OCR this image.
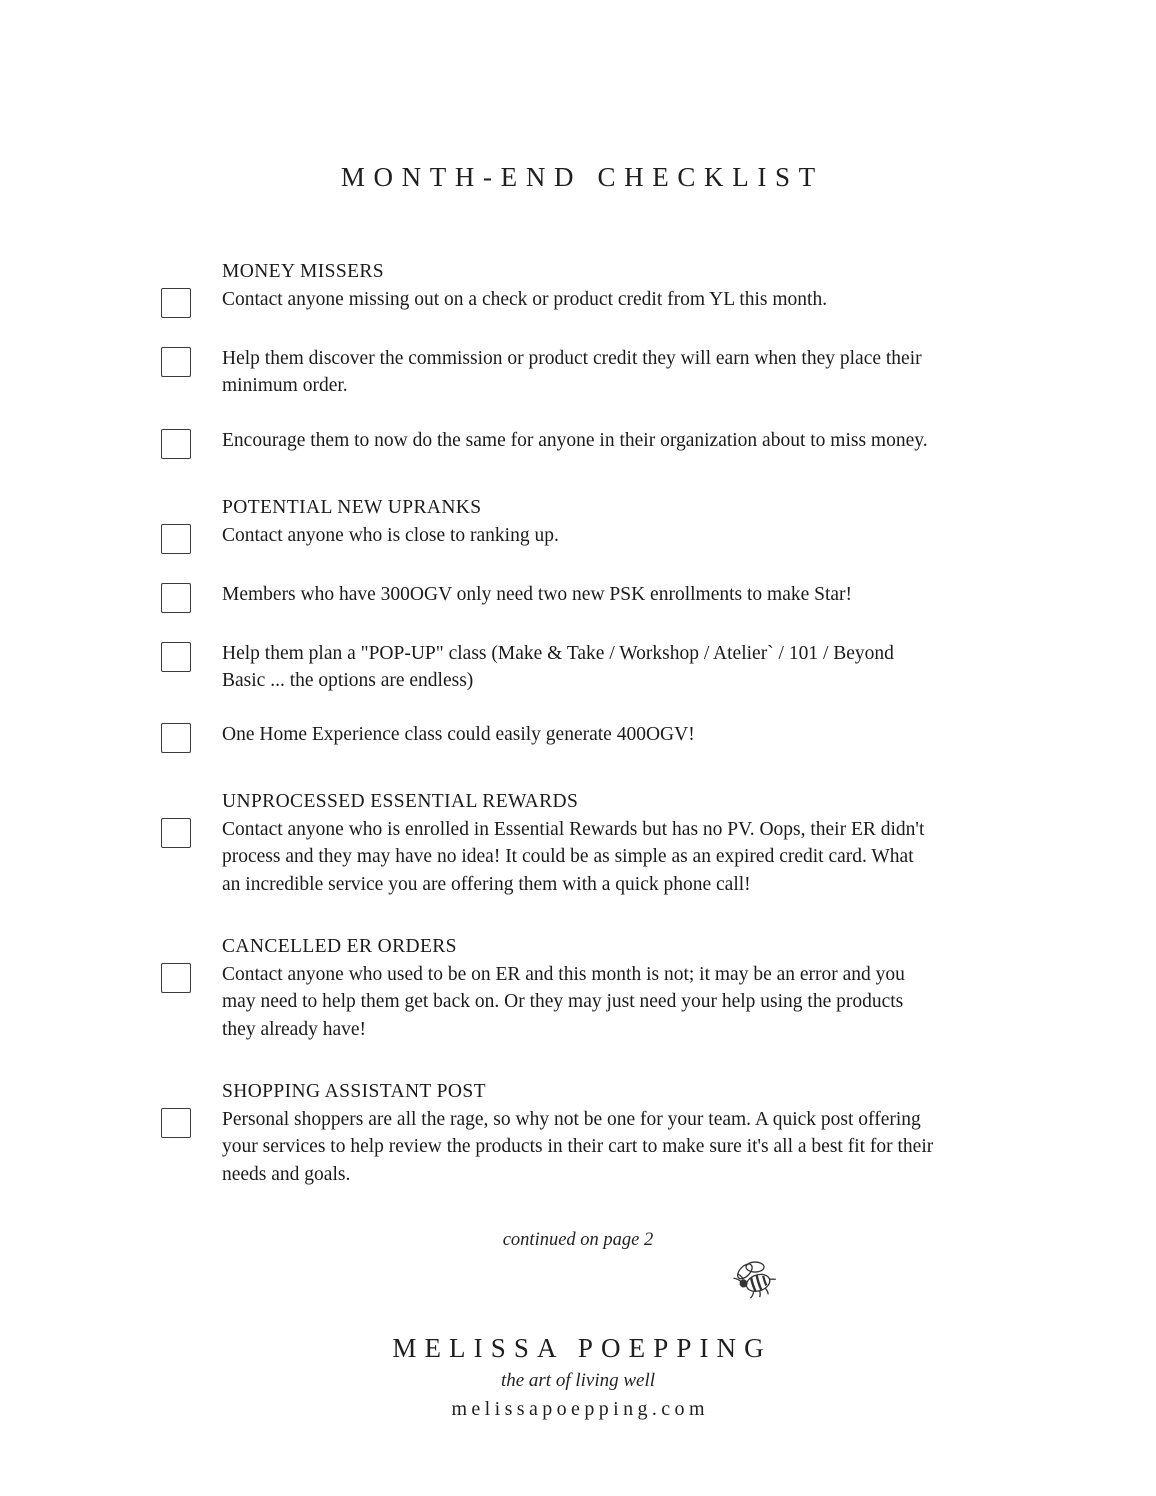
MONTH-END CHECKLIST
MONEY MISSERS

Contact anyone missing out on a check or product credit from YL this month.

Help them discover the commission or product credit they will earn when they place their minimum order.

Encourage them to now do the same for anyone in their organization about to miss money.

POTENTIAL NEW UPRANKS

Contact anyone who is close to ranking up.

Members who have 300OGV only need two new PSK enrollments to make Star!

Help them plan a "POP-UP" class (Make & Take / Workshop / Atelier` / 101 / Beyond Basic ... the options are endless)

One Home Experience class could easily generate 400OGV!

UNPROCESSED ESSENTIAL REWARDS

Contact anyone who is enrolled in Essential Rewards but has no PV. Oops, their ER didn't process and they may have no idea! It could be as simple as an expired credit card. What an incredible service you are offering them with a quick phone call!

CANCELLED ER ORDERS

Contact anyone who used to be on ER and this month is not; it may be an error and you may need to help them get back on. Or they may just need your help using the products they already have!

SHOPPING ASSISTANT POST

Personal shoppers are all the rage, so why not be one for your team. A quick post offering your services to help review the products in their cart to make sure it's all a best fit for their needs and goals.

continued on page 2
MELISSA POEPPING
the art of living well
melissapoepping.com
